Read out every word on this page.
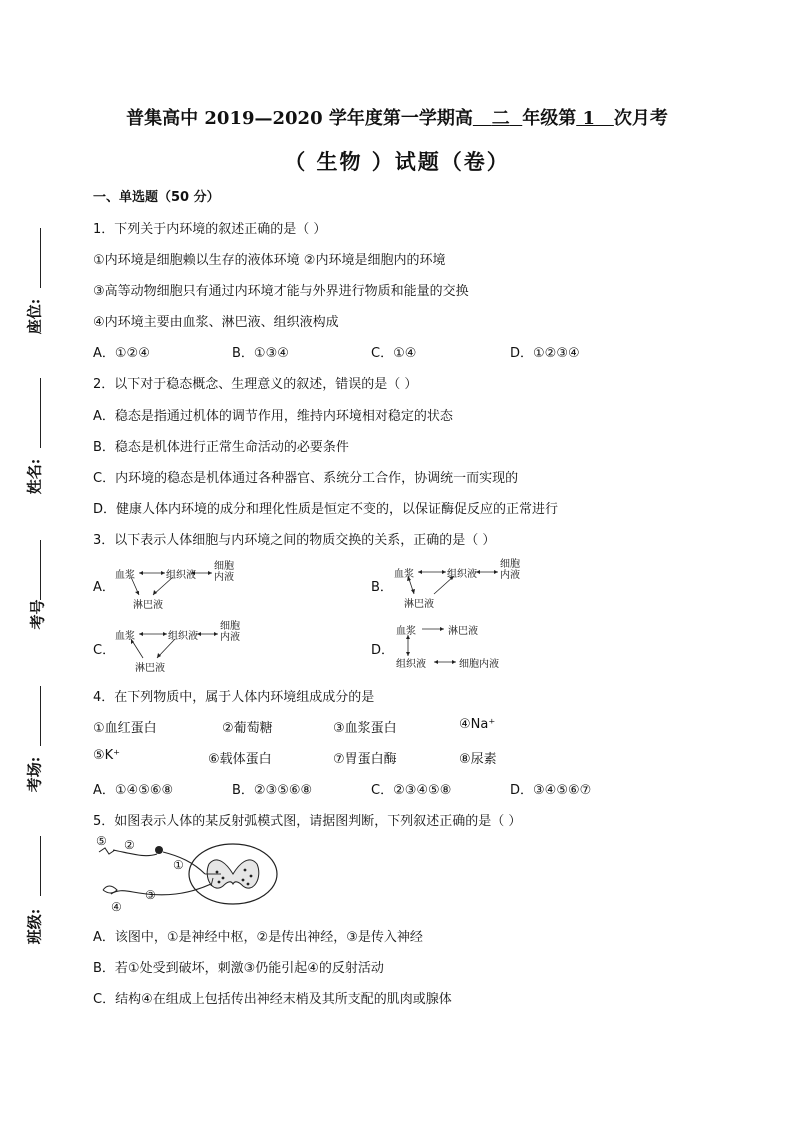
座位:
姓名:
考号
考场:
班级:
普集高中 2019—2020 学年度第一学期高 二 年级第 1 次月考
（ 生物 ）试题（卷）
一、单选题（50 分）
1．下列关于内环境的叙述正确的是（ ）
①内环境是细胞赖以生存的液体环境 ②内环境是细胞内的环境
③高等动物细胞只有通过内环境才能与外界进行物质和能量的交换
④内环境主要由血浆、淋巴液、组织液构成
A．①②④	B．①③④	C．①④	D．①②③④
2．以下对于稳态概念、生理意义的叙述，错误的是（ ）
A．稳态是指通过机体的调节作用，维持内环境相对稳定的状态
B．稳态是机体进行正常生命活动的必要条件
C．内环境的稳态是机体通过各种器官、系统分工合作，协调统一而实现的
D．健康人体内环境的成分和理化性质是恒定不变的，以保证酶促反应的正常进行
3．以下表示人体细胞与内环境之间的物质交换的关系，正确的是（ ）
A．
血浆	组织液
细胞
内液
淋巴液
B．
血浆	组织液
细胞
内液
淋巴液
C．
血浆	组织液
细胞
内液
淋巴液
D．
血浆	淋巴液
组织液	细胞内液
4．在下列物质中，属于人体内环境组成成分的是
①血红蛋白	②葡萄糖	③血浆蛋白	④Na⁺
⑤K⁺	⑥载体蛋白	⑦胃蛋白酶	⑧尿素
A．①④⑤⑥⑧	B．②③⑤⑥⑧	C．②③④⑤⑧	D．③④⑤⑥⑦
5．如图表示人体的某反射弧模式图，请据图判断，下列叙述正确的是（ ）
⑤ ②
①
③
④
A．该图中，①是神经中枢，②是传出神经，③是传入神经
B．若①处受到破坏，刺激③仍能引起④的反射活动
C．结构④在组成上包括传出神经末梢及其所支配的肌肉或腺体
